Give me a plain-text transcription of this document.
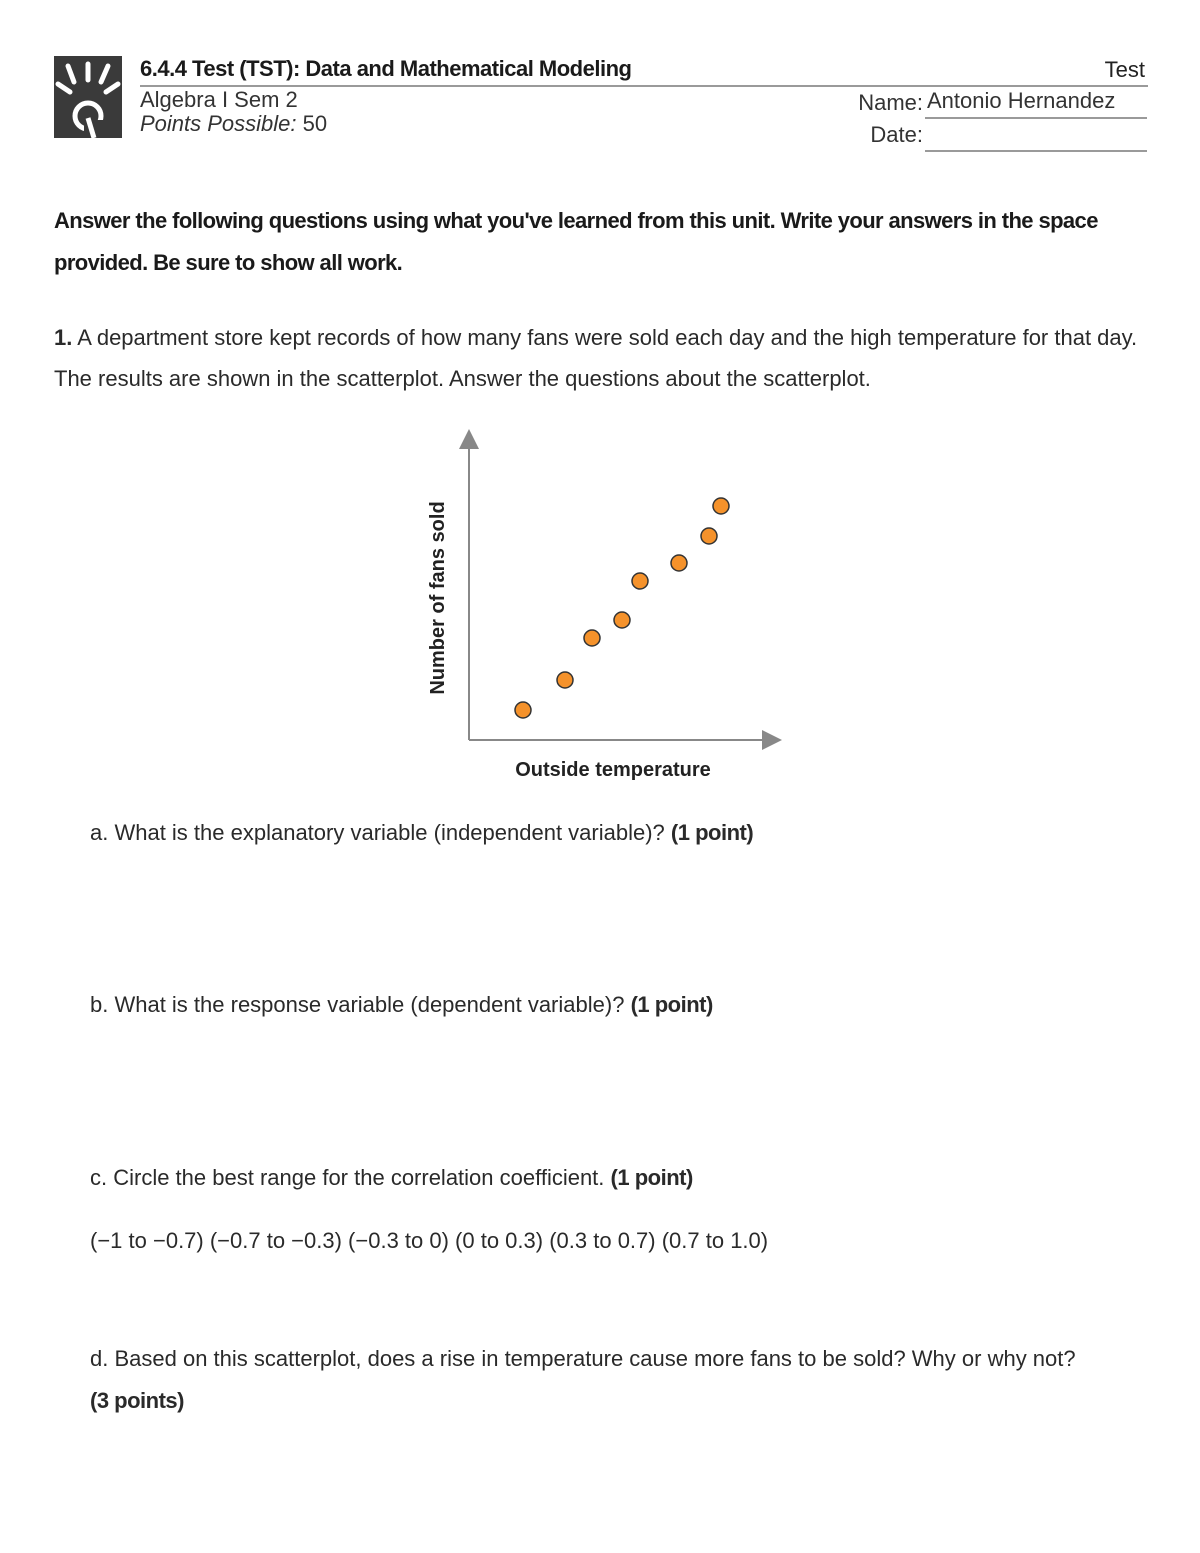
6.4.4 Test (TST): Data and Mathematical Modeling	Test
Algebra I Sem 2
Points Possible: 50
Name: Antonio Hernandez
Date:
Answer the following questions using what you've learned from this unit. Write your answers in the space provided. Be sure to show all work.
1. A department store kept records of how many fans were sold each day and the high temperature for that day. The results are shown in the scatterplot. Answer the questions about the scatterplot.
Number of fans sold
Outside temperature
a. What is the explanatory variable (independent variable)? (1 point)
b. What is the response variable (dependent variable)? (1 point)
c. Circle the best range for the correlation coefficient. (1 point)
(−1 to −0.7) (−0.7 to −0.3) (−0.3 to 0) (0 to 0.3) (0.3 to 0.7) (0.7 to 1.0)
d. Based on this scatterplot, does a rise in temperature cause more fans to be sold? Why or why not?
(3 points)
